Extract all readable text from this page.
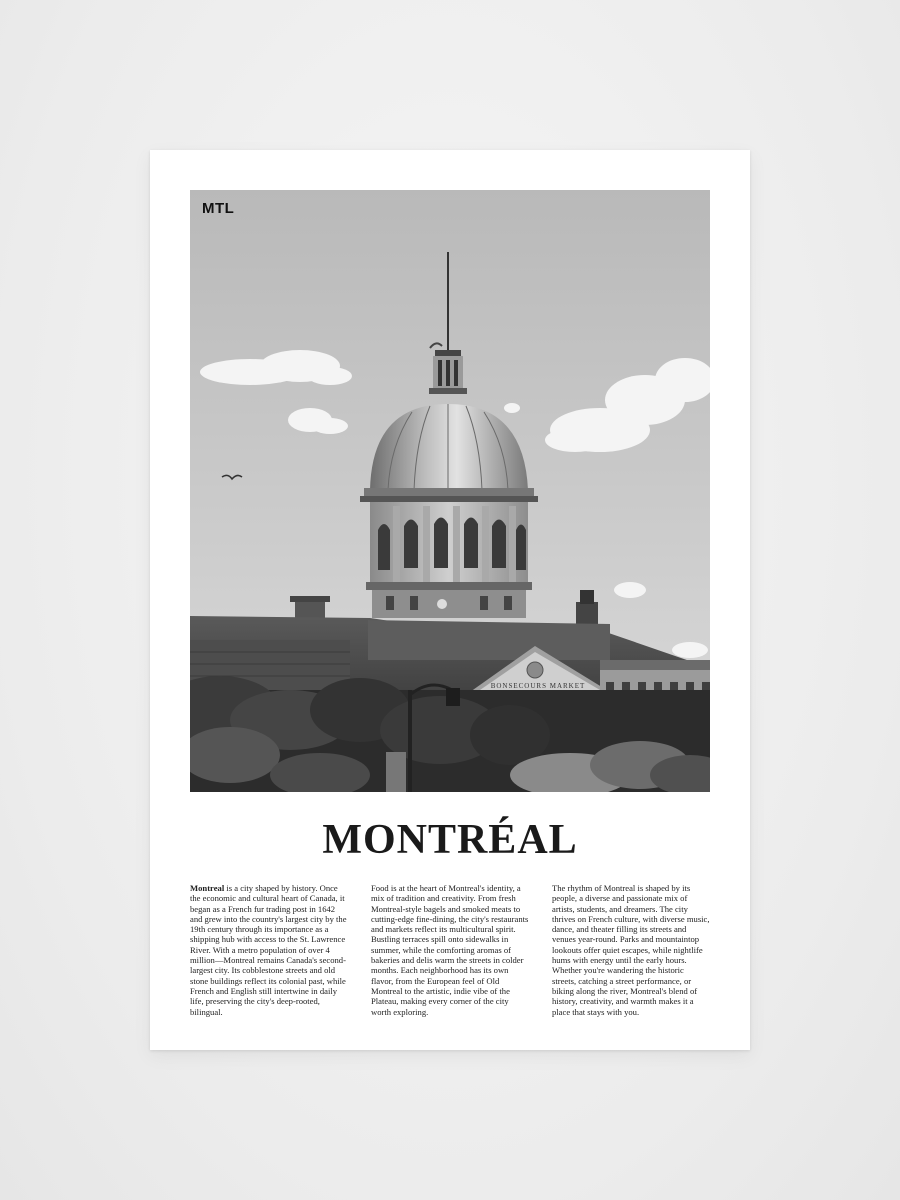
BONSECOURS MARKET
MTL
MONTRÉAL

Montreal is a city shaped by history. Once the economic and cultural heart of Canada, it began as a French fur trading post in 1642 and grew into the country's largest city by the 19th century through its importance as a shipping hub with access to the St. Lawrence River. With a metro population of over 4 million—Montreal remains Canada's second-largest city. Its cobblestone streets and old stone buildings reflect its colonial past, while French and English still intertwine in daily life, preserving the city's deep-rooted, bilingual.

Food is at the heart of Montreal's identity, a mix of tradition and creativity. From fresh Montreal-style bagels and smoked meats to cutting-edge fine-dining, the city's restaurants and markets reflect its multicultural spirit. Bustling terraces spill onto sidewalks in summer, while the comforting aromas of bakeries and delis warm the streets in colder months. Each neighborhood has its own flavor, from the European feel of Old Montreal to the artistic, indie vibe of the Plateau, making every corner of the city worth exploring.

The rhythm of Montreal is shaped by its people, a diverse and passionate mix of artists, students, and dreamers. The city thrives on French culture, with diverse music, dance, and theater filling its streets and venues year-round. Parks and mountaintop lookouts offer quiet escapes, while nightlife hums with energy until the early hours. Whether you're wandering the historic streets, catching a street performance, or biking along the river, Montreal's blend of history, creativity, and warmth makes it a place that stays with you.
